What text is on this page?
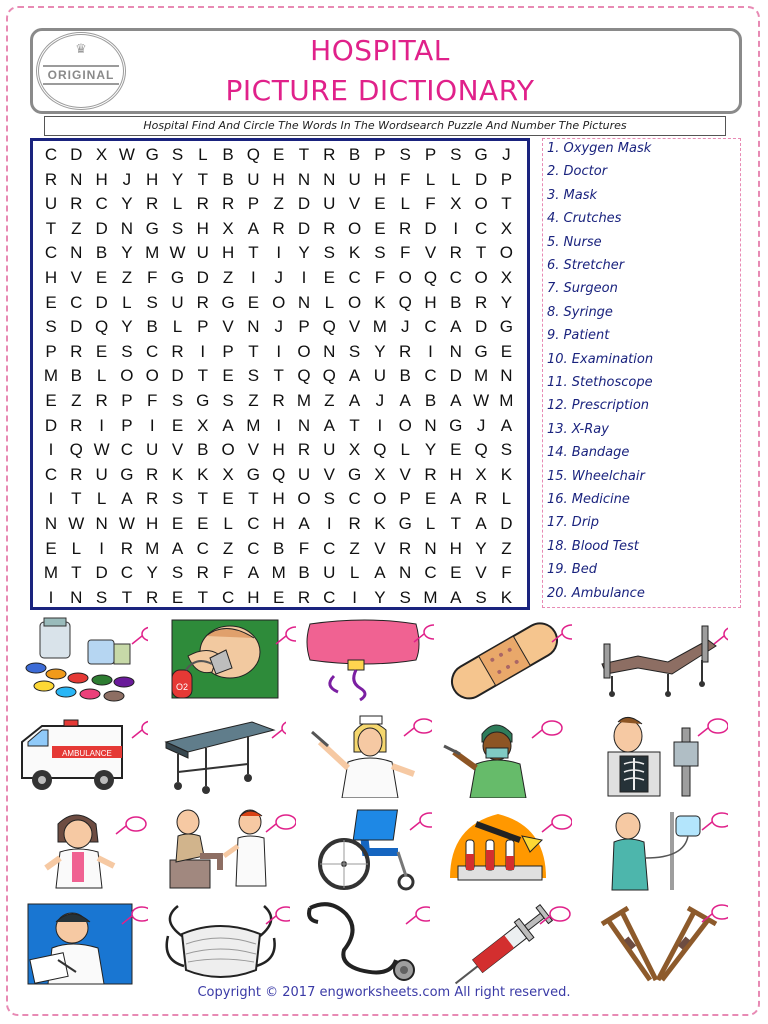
♛
ORIGINAL
HOSPITAL
PICTURE DICTIONARY
Hospital Find And Circle The Words In The Wordsearch Puzzle And Number The Pictures
C D X W G S L B Q E T R B P S P S G J
R N H J H Y T B U H N N U H F L L D P
U R C Y R L R R P Z D U V E L F X O T
T Z D N G S H X A R D R O E R D I C X
C N B Y M W U H T	I	Y S K S F V R T O
H V E Z F G D Z	I	J	I	E C F O Q C O X
E C D L S U R G E O N L O K Q H B R Y
S D Q Y B L P V N J P Q V M J C A D G
P R E S C R I	P T	I O N S Y R I N G E
M B L O O D T E S T Q Q A U B C D M N
E Z R P F S G S Z R M Z A J A B A W M
D R I	P	I	E X A M I N A T	I O N G J A
I Q W C U V B O V H R U X Q L Y E Q S
C R U G R K K X G Q U V G X V R H X K
I	T L A R S T E T H O S C O P E A R L
N W N W H E E L C H A	I R K G L T A D
E L	I R M A C Z C B F C Z V R N H Y Z
M T D C Y S R F A M B U L A N C E V F
I N S T R E T C H E R C I	Y S M A S K
1. Oxygen Mask
2. Doctor
3. Mask
4. Crutches
5. Nurse
6. Stretcher
7. Surgeon
8. Syringe
9. Patient
10. Examination
11. Stethoscope
12. Prescription
13. X-Ray
14. Bandage
15. Wheelchair
16. Medicine
17. Drip
18. Blood Test
19. Bed
20. Ambulance
O2
AMBULANCE
Copyright © 2017 engworksheets.com All right reserved.
